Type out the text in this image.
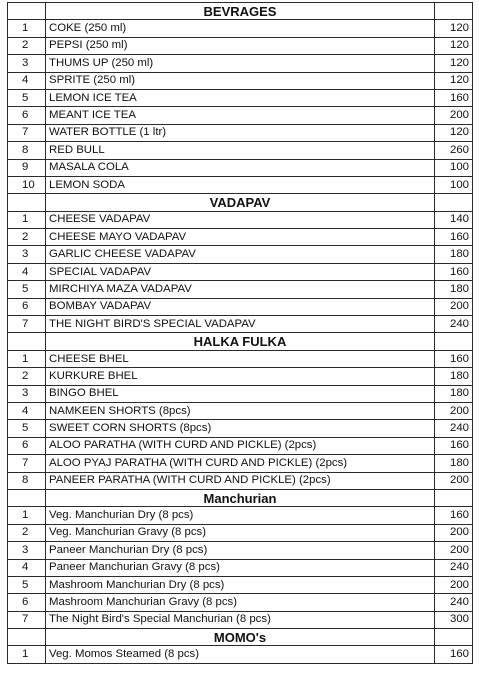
	BEVRAGES	
1	COKE (250 ml)	120
2	PEPSI (250 ml)	120
3	THUMS UP (250 ml)	120
4	SPRITE (250 ml)	120
5	LEMON ICE TEA	160
6	MEANT ICE TEA	200
7	WATER BOTTLE (1 ltr)	120
8	RED BULL	260
9	MASALA COLA	100
10	LEMON SODA	100
	VADAPAV	
1	CHEESE VADAPAV	140
2	CHEESE MAYO VADAPAV	160
3	GARLIC CHEESE VADAPAV	180
4	SPECIAL VADAPAV	160
5	MIRCHIYA MAZA VADAPAV	180
6	BOMBAY VADAPAV	200
7	THE NIGHT BIRD'S SPECIAL VADAPAV	240
	HALKA FULKA	
1	CHEESE BHEL	160
2	KURKURE BHEL	180
3	BINGO BHEL	180
4	NAMKEEN SHORTS (8pcs)	200
5	SWEET CORN SHORTS (8pcs)	240
6	ALOO PARATHA (WITH CURD AND PICKLE) (2pcs)	160
7	ALOO PYAJ PARATHA (WITH CURD AND PICKLE) (2pcs)	180
8	PANEER PARATHA (WITH CURD AND PICKLE) (2pcs)	200
	Manchurian	
1	Veg. Manchurian Dry (8 pcs)	160
2	Veg. Manchurian Gravy (8 pcs)	200
3	Paneer Manchurian Dry (8 pcs)	200
4	Paneer Manchurian Gravy (8 pcs)	240
5	Mashroom Manchurian Dry (8 pcs)	200
6	Mashroom Manchurian Gravy (8 pcs)	240
7	The Night Bird's Special Manchurian (8 pcs)	300
	MOMO's	
1	Veg. Momos Steamed (8 pcs)	160
